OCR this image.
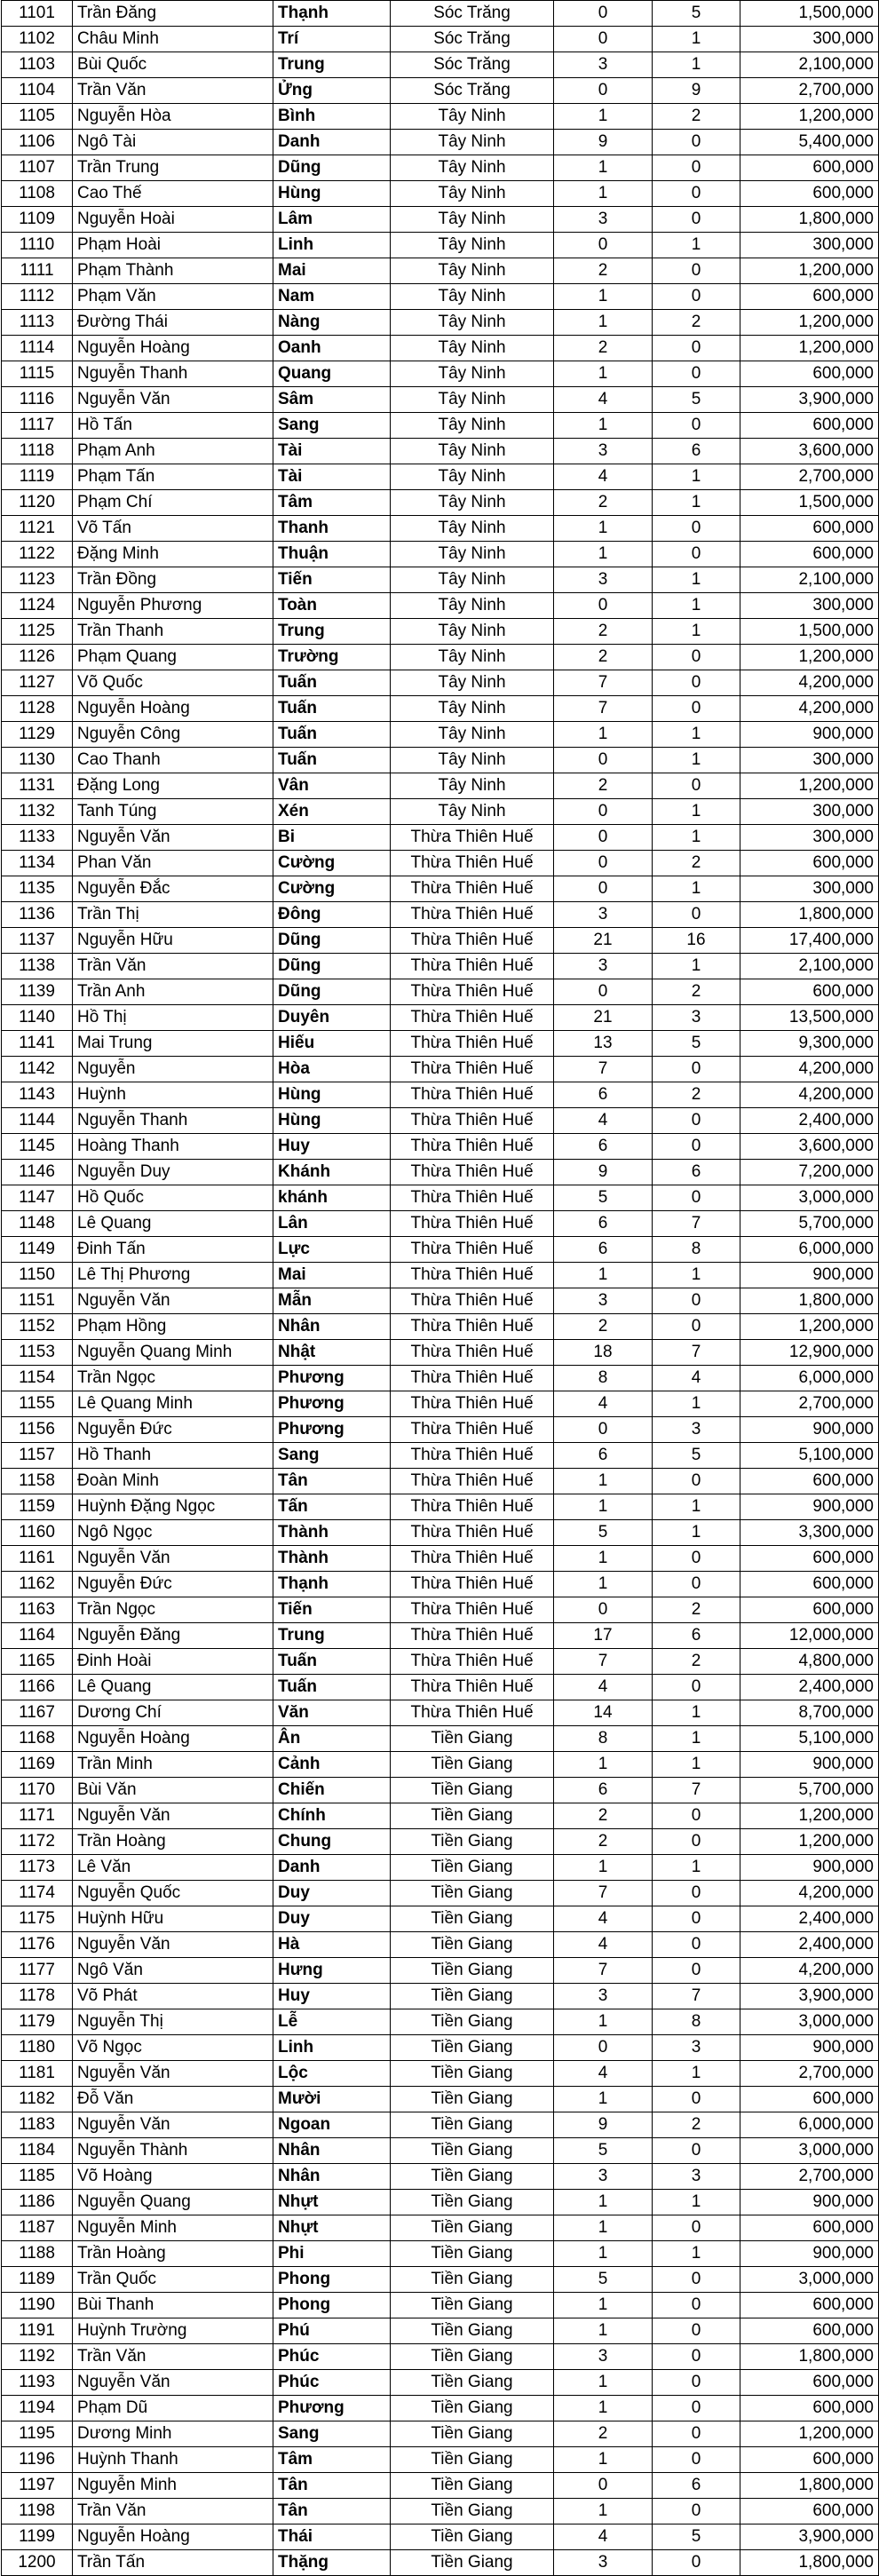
1101	Trần Đăng	Thạnh	Sóc Trăng	0	5	1,500,000
1102	Châu Minh	Trí	Sóc Trăng	0	1	300,000
1103	Bùi Quốc	Trung	Sóc Trăng	3	1	2,100,000
1104	Trần Văn	Ửng	Sóc Trăng	0	9	2,700,000
1105	Nguyễn Hòa	Bình	Tây Ninh	1	2	1,200,000
1106	Ngô Tài	Danh	Tây Ninh	9	0	5,400,000
1107	Trần Trung	Dũng	Tây Ninh	1	0	600,000
1108	Cao Thế	Hùng	Tây Ninh	1	0	600,000
1109	Nguyễn Hoài	Lâm	Tây Ninh	3	0	1,800,000
1110	Phạm Hoài	Linh	Tây Ninh	0	1	300,000
1111	Phạm Thành	Mai	Tây Ninh	2	0	1,200,000
1112	Phạm Văn	Nam	Tây Ninh	1	0	600,000
1113	Đường Thái	Nàng	Tây Ninh	1	2	1,200,000
1114	Nguyễn Hoàng	Oanh	Tây Ninh	2	0	1,200,000
1115	Nguyễn Thanh	Quang	Tây Ninh	1	0	600,000
1116	Nguyễn Văn	Sâm	Tây Ninh	4	5	3,900,000
1117	Hồ Tấn	Sang	Tây Ninh	1	0	600,000
1118	Phạm Anh	Tài	Tây Ninh	3	6	3,600,000
1119	Phạm Tấn	Tài	Tây Ninh	4	1	2,700,000
1120	Phạm Chí	Tâm	Tây Ninh	2	1	1,500,000
1121	Võ Tấn	Thanh	Tây Ninh	1	0	600,000
1122	Đặng Minh	Thuận	Tây Ninh	1	0	600,000
1123	Trần Đồng	Tiến	Tây Ninh	3	1	2,100,000
1124	Nguyễn Phương	Toàn	Tây Ninh	0	1	300,000
1125	Trần Thanh	Trung	Tây Ninh	2	1	1,500,000
1126	Phạm Quang	Trường	Tây Ninh	2	0	1,200,000
1127	Võ Quốc	Tuấn	Tây Ninh	7	0	4,200,000
1128	Nguyễn Hoàng	Tuấn	Tây Ninh	7	0	4,200,000
1129	Nguyễn Công	Tuấn	Tây Ninh	1	1	900,000
1130	Cao Thanh	Tuấn	Tây Ninh	0	1	300,000
1131	Đặng Long	Vân	Tây Ninh	2	0	1,200,000
1132	Tanh Túng	Xén	Tây Ninh	0	1	300,000
1133	Nguyễn Văn	Bi	Thừa Thiên Huế	0	1	300,000
1134	Phan Văn	Cường	Thừa Thiên Huế	0	2	600,000
1135	Nguyễn Đắc	Cường	Thừa Thiên Huế	0	1	300,000
1136	Trần Thị	Đông	Thừa Thiên Huế	3	0	1,800,000
1137	Nguyễn Hữu	Dũng	Thừa Thiên Huế	21	16	17,400,000
1138	Trần Văn	Dũng	Thừa Thiên Huế	3	1	2,100,000
1139	Trần Anh	Dũng	Thừa Thiên Huế	0	2	600,000
1140	Hồ Thị	Duyên	Thừa Thiên Huế	21	3	13,500,000
1141	Mai Trung	Hiếu	Thừa Thiên Huế	13	5	9,300,000
1142	Nguyễn	Hòa	Thừa Thiên Huế	7	0	4,200,000
1143	Huỳnh	Hùng	Thừa Thiên Huế	6	2	4,200,000
1144	Nguyễn Thanh	Hùng	Thừa Thiên Huế	4	0	2,400,000
1145	Hoàng Thanh	Huy	Thừa Thiên Huế	6	0	3,600,000
1146	Nguyễn Duy	Khánh	Thừa Thiên Huế	9	6	7,200,000
1147	Hồ Quốc	khánh	Thừa Thiên Huế	5	0	3,000,000
1148	Lê Quang	Lân	Thừa Thiên Huế	6	7	5,700,000
1149	Đinh Tấn	Lực	Thừa Thiên Huế	6	8	6,000,000
1150	Lê Thị Phương	Mai	Thừa Thiên Huế	1	1	900,000
1151	Nguyễn Văn	Mẫn	Thừa Thiên Huế	3	0	1,800,000
1152	Phạm Hồng	Nhân	Thừa Thiên Huế	2	0	1,200,000
1153	Nguyễn Quang Minh	Nhật	Thừa Thiên Huế	18	7	12,900,000
1154	Trần Ngọc	Phương	Thừa Thiên Huế	8	4	6,000,000
1155	Lê Quang Minh	Phương	Thừa Thiên Huế	4	1	2,700,000
1156	Nguyễn Đức	Phương	Thừa Thiên Huế	0	3	900,000
1157	Hồ Thanh	Sang	Thừa Thiên Huế	6	5	5,100,000
1158	Đoàn Minh	Tân	Thừa Thiên Huế	1	0	600,000
1159	Huỳnh Đặng Ngọc	Tấn	Thừa Thiên Huế	1	1	900,000
1160	Ngô Ngọc	Thành	Thừa Thiên Huế	5	1	3,300,000
1161	Nguyễn Văn	Thành	Thừa Thiên Huế	1	0	600,000
1162	Nguyễn Đức	Thạnh	Thừa Thiên Huế	1	0	600,000
1163	Trần Ngọc	Tiến	Thừa Thiên Huế	0	2	600,000
1164	Nguyễn Đăng	Trung	Thừa Thiên Huế	17	6	12,000,000
1165	Đinh Hoài	Tuấn	Thừa Thiên Huế	7	2	4,800,000
1166	Lê Quang	Tuấn	Thừa Thiên Huế	4	0	2,400,000
1167	Dương Chí	Văn	Thừa Thiên Huế	14	1	8,700,000
1168	Nguyễn Hoàng	Ân	Tiền Giang	8	1	5,100,000
1169	Trần Minh	Cảnh	Tiền Giang	1	1	900,000
1170	Bùi Văn	Chiến	Tiền Giang	6	7	5,700,000
1171	Nguyễn Văn	Chính	Tiền Giang	2	0	1,200,000
1172	Trần Hoàng	Chung	Tiền Giang	2	0	1,200,000
1173	Lê Văn	Danh	Tiền Giang	1	1	900,000
1174	Nguyễn Quốc	Duy	Tiền Giang	7	0	4,200,000
1175	Huỳnh Hữu	Duy	Tiền Giang	4	0	2,400,000
1176	Nguyễn Văn	Hà	Tiền Giang	4	0	2,400,000
1177	Ngô Văn	Hưng	Tiền Giang	7	0	4,200,000
1178	Võ Phát	Huy	Tiền Giang	3	7	3,900,000
1179	Nguyễn Thị	Lễ	Tiền Giang	1	8	3,000,000
1180	Võ Ngọc	Linh	Tiền Giang	0	3	900,000
1181	Nguyễn Văn	Lộc	Tiền Giang	4	1	2,700,000
1182	Đỗ Văn	Mười	Tiền Giang	1	0	600,000
1183	Nguyễn Văn	Ngoan	Tiền Giang	9	2	6,000,000
1184	Nguyễn Thành	Nhân	Tiền Giang	5	0	3,000,000
1185	Võ Hoàng	Nhân	Tiền Giang	3	3	2,700,000
1186	Nguyễn Quang	Nhựt	Tiền Giang	1	1	900,000
1187	Nguyễn Minh	Nhựt	Tiền Giang	1	0	600,000
1188	Trần Hoàng	Phi	Tiền Giang	1	1	900,000
1189	Trần Quốc	Phong	Tiền Giang	5	0	3,000,000
1190	Bùi Thanh	Phong	Tiền Giang	1	0	600,000
1191	Huỳnh Trường	Phú	Tiền Giang	1	0	600,000
1192	Trần Văn	Phúc	Tiền Giang	3	0	1,800,000
1193	Nguyễn Văn	Phúc	Tiền Giang	1	0	600,000
1194	Phạm Dũ	Phương	Tiền Giang	1	0	600,000
1195	Dương Minh	Sang	Tiền Giang	2	0	1,200,000
1196	Huỳnh Thanh	Tâm	Tiền Giang	1	0	600,000
1197	Nguyễn Minh	Tân	Tiền Giang	0	6	1,800,000
1198	Trần Văn	Tân	Tiền Giang	1	0	600,000
1199	Nguyễn Hoàng	Thái	Tiền Giang	4	5	3,900,000
1200	Trần Tấn	Thặng	Tiền Giang	3	0	1,800,000
